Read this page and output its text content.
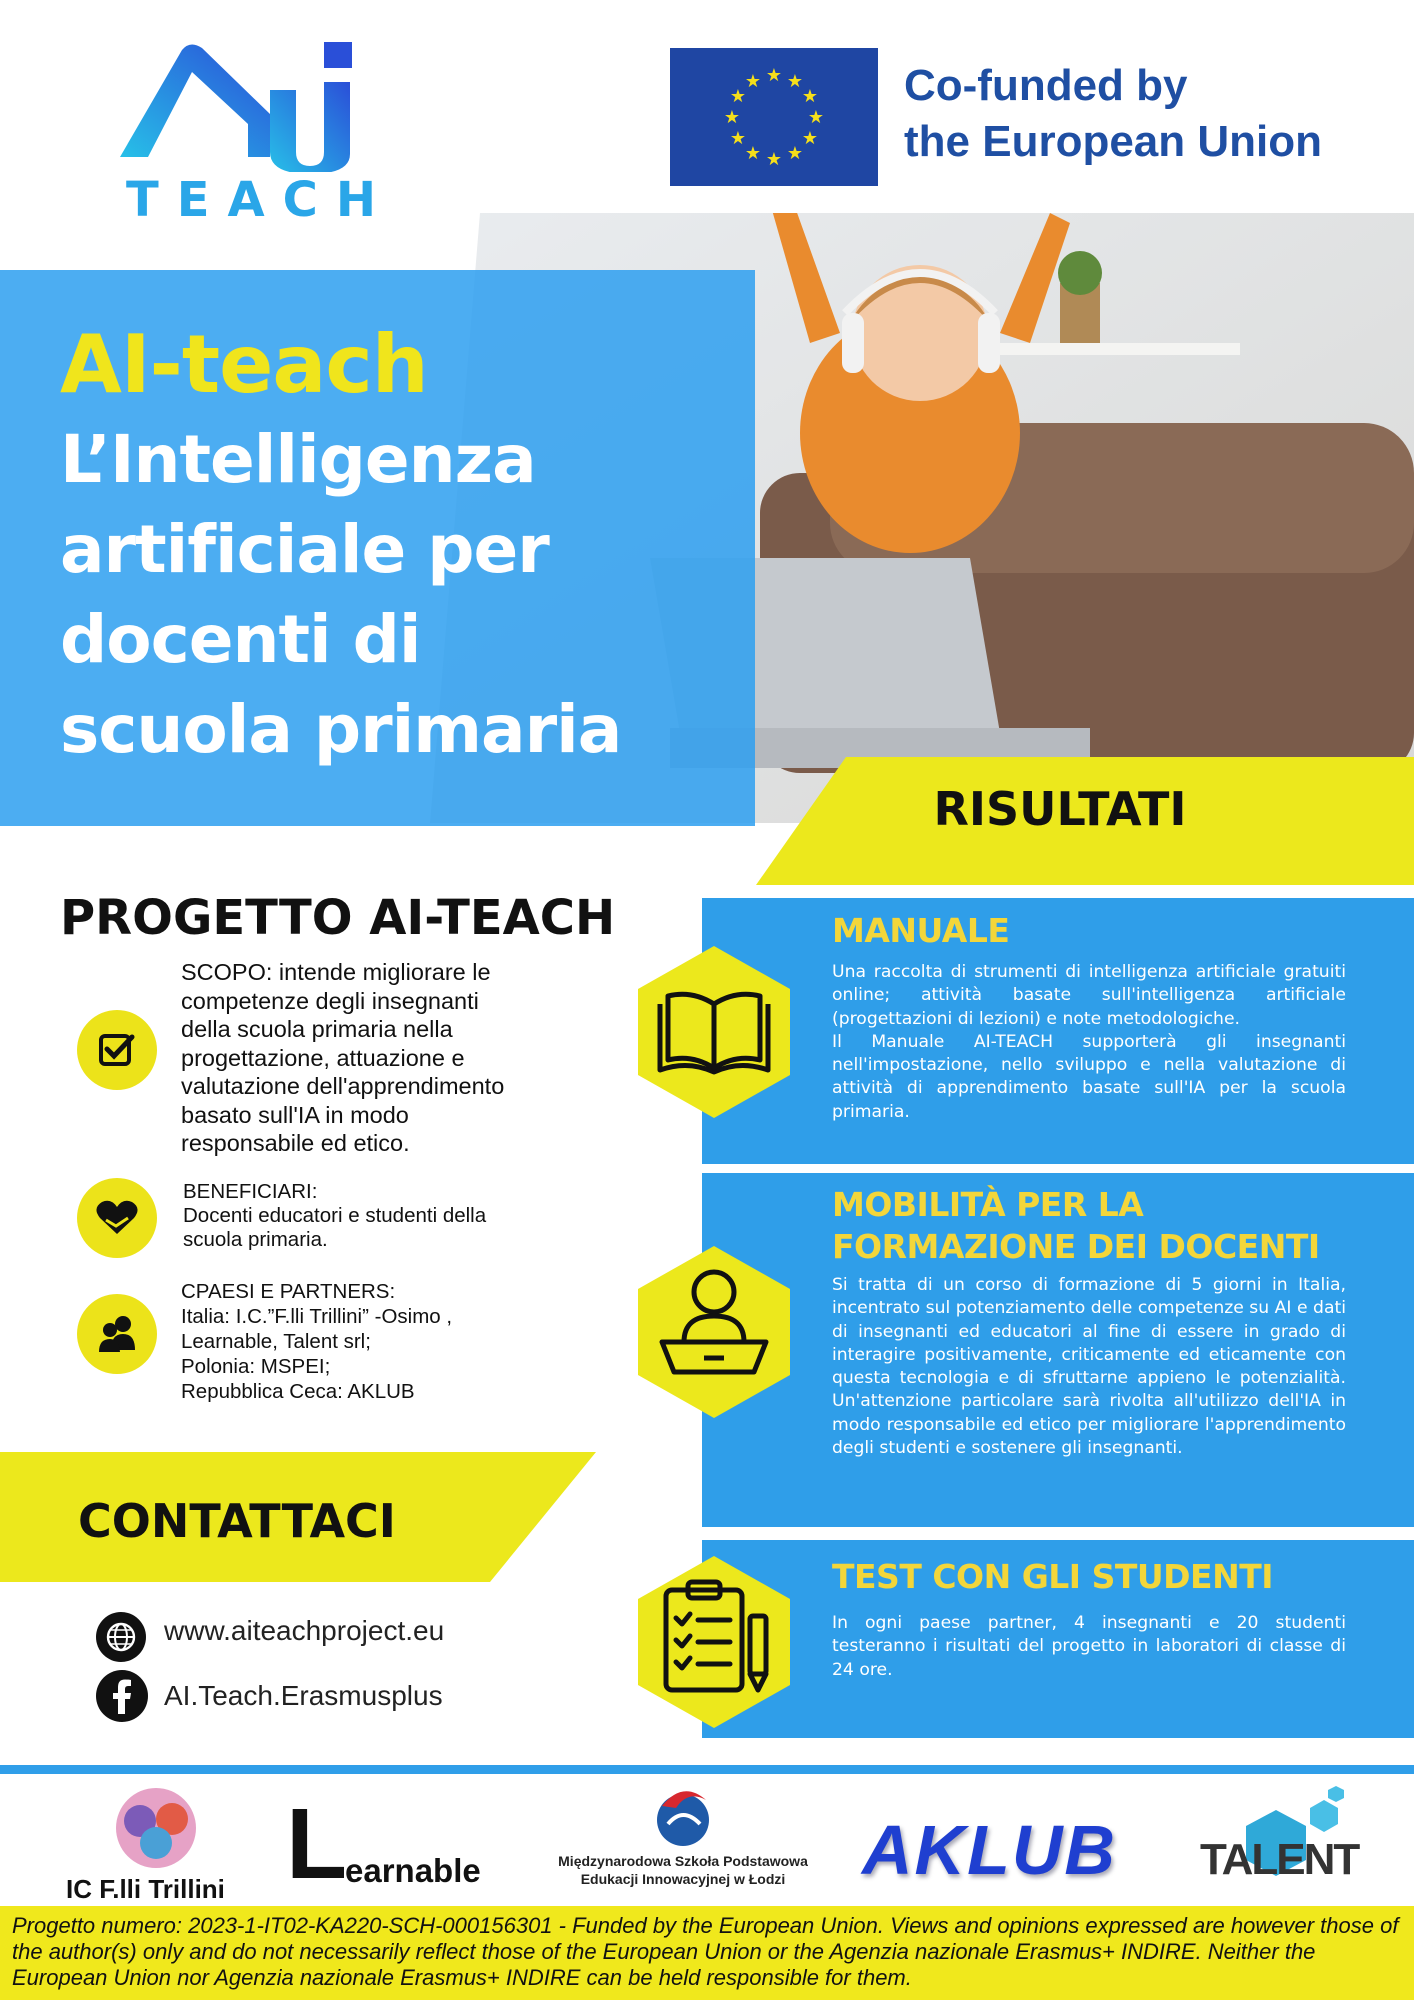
TEACH
★ ★
★
★
★
★
★
★
★
★
★
★	Co-funded by
the European Union
AI-teach
L’Intelligenza
artificiale per
docenti di
scuola primaria
RISULTATI
PROGETTO AI-TEACH
SCOPO: intende migliorare le
competenze degli insegnanti
della scuola primaria nella
progettazione, attuazione e
valutazione dell'apprendimento
basato sull'IA in modo
responsabile ed etico.
BENEFICIARI:
Docenti educatori e studenti della
scuola primaria.
CPAESI E PARTNERS:
Italia: I.C.”F.lli Trillini” -Osimo ,
Learnable, Talent srl;
Polonia: MSPEI;
Repubblica Ceca: AKLUB
CONTATTACI
www.aiteachproject.eu
AI.Teach.Erasmusplus
MANUALE
Una raccolta di strumenti di intelligenza artificiale gratuiti online; attività basate sull'intelligenza artificiale (progettazioni di lezioni) e note metodologiche.
Il Manuale AI-TEACH supporterà gli insegnanti nell'impostazione, nello sviluppo e nella valutazione di attività di apprendimento basate sull'IA per la scuola primaria.
MOBILITÀ PER LA
FORMAZIONE DEI DOCENTI
Si tratta di un corso di formazione di 5 giorni in Italia, incentrato sul potenziamento delle competenze su AI e dati di insegnanti ed educatori al fine di essere in grado di interagire positivamente, criticamente ed eticamente con questa tecnologia e di sfruttarne appieno le potenzialità. Un'attenzione particolare sarà rivolta all'utilizzo dell'IA in modo responsabile ed etico per migliorare l'apprendimento degli studenti e sostenere gli insegnanti.
TEST CON GLI STUDENTI
In ogni paese partner, 4 insegnanti e 20 studenti testeranno i risultati del progetto in laboratori di classe di 24 ore.
IC F.lli Trillini L
earnable	Międzynarodowa Szkoła Podstawowa
Edukacji Innowacyjnej w Łodzi	AKLUB TALENT
Progetto numero: 2023-1-IT02-KA220-SCH-000156301 - Funded by the European Union. Views and opinions expressed are however those of the author(s) only and do not necessarily reflect those of the European Union or the Agenzia nazionale Erasmus+ INDIRE. Neither the European Union nor Agenzia nazionale Erasmus+ INDIRE can be held responsible for them.
